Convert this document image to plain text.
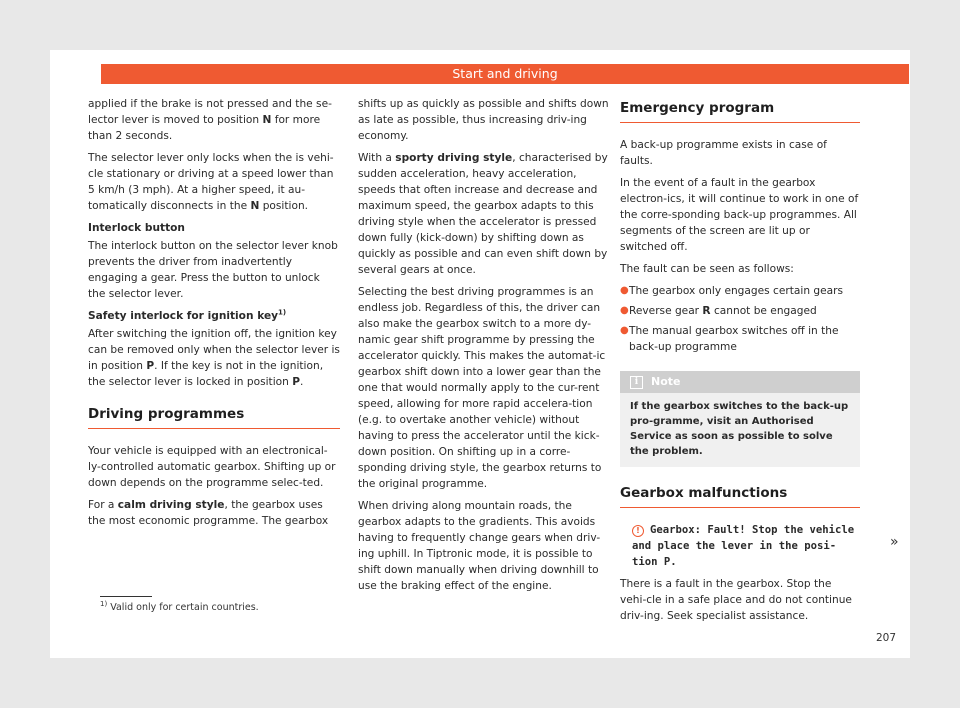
Start and driving

applied if the brake is not pressed and the se-lector lever is moved to position N for more than 2 seconds.

The selector lever only locks when the is vehi-cle stationary or driving at a speed lower than 5 km/h (3 mph). At a higher speed, it au-tomatically disconnects in the N position.

Interlock button

The interlock button on the selector lever knob prevents the driver from inadvertently engaging a gear. Press the button to unlock the selector lever.

Safety interlock for ignition key$^{1)}$

After switching the ignition off, the ignition key can be removed only when the selector lever is in position P. If the key is not in the ignition, the selector lever is locked in position P.

Driving programmes

Your vehicle is equipped with an electronical-ly-controlled automatic gearbox. Shifting up or down depends on the programme selec-ted.

For a calm driving style, the gearbox uses the most economic programme. The gearbox

shifts up as quickly as possible and shifts down as late as possible, thus increasing driv-ing economy.

With a sporty driving style, characterised by sudden acceleration, heavy acceleration, speeds that often increase and decrease and maximum speed, the gearbox adapts to this driving style when the accelerator is pressed down fully (kick-down) by shifting down as quickly as possible and can even shift down by several gears at once.

Selecting the best driving programmes is an endless job. Regardless of this, the driver can also make the gearbox switch to a more dy-namic gear shift programme by pressing the accelerator quickly. This makes the automat-ic gearbox shift down into a lower gear than the one that would normally apply to the cur-rent speed, allowing for more rapid accelera-tion (e.g. to overtake another vehicle) without having to press the accelerator until the kick-down position. On shifting up in a corre-sponding driving style, the gearbox returns to the original programme.

When driving along mountain roads, the gearbox adapts to the gradients. This avoids having to frequently change gears when driv-ing uphill. In Tiptronic mode, it is possible to shift down manually when driving downhill to use the braking effect of the engine.

Emergency program

A back-up programme exists in case of faults.

In the event of a fault in the gearbox electron-ics, it will continue to work in one of the corre-sponding back-up programmes. All segments of the screen are lit up or switched off.

The fault can be seen as follows:

● The gearbox only engages certain gears
● Reverse gear R cannot be engaged
● The manual gearbox switches off in the back-up programme
i Note
If the gearbox switches to the back-up pro-gramme, visit an Authorised Service as soon as possible to solve the problem.
Gearbox malfunctions
! Gearbox: Fault! Stop the vehicle and place the lever in the posi-tion P.

There is a fault in the gearbox. Stop the vehi-cle in a safe place and do not continue driv-ing. Seek specialist assistance.

»
$^{1)}$ Valid only for certain countries.
207
